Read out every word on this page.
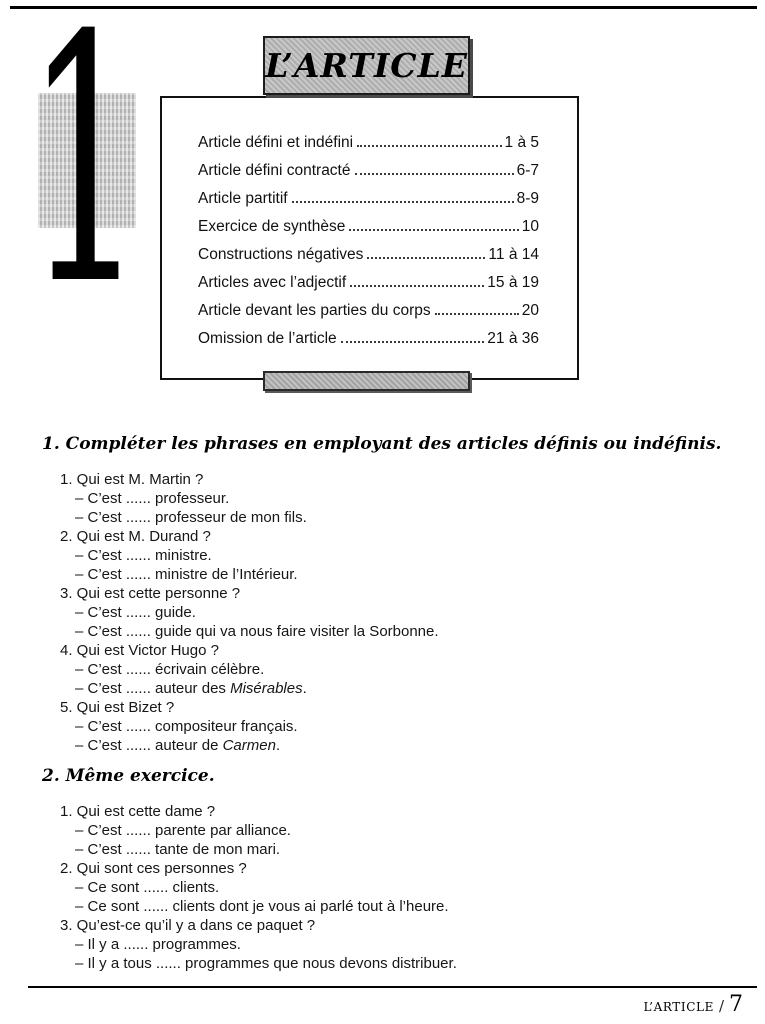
1	Article défini et indéfini	1 à 5
Article défini contracté	6-7
Article partitif	8-9
Exercice de synthèse	10
Constructions négatives	11 à 14
Articles avec l’adjectif	15 à 19
Article devant les parties du corps	20
Omission de l’article	21 à 36
L’ARTICLE
1. Compléter les phrases en employant des articles définis ou indéfinis.
1. Qui est M. Martin ?
– C’est ...... professeur.
– C’est ...... professeur de mon fils.
2. Qui est M. Durand ?
– C’est ...... ministre.
– C’est ...... ministre de l’Intérieur.
3. Qui est cette personne ?
– C’est ...... guide.
– C’est ...... guide qui va nous faire visiter la Sorbonne.
4. Qui est Victor Hugo ?
– C’est ...... écrivain célèbre.
– C’est ...... auteur des Misérables.
5. Qui est Bizet ?
– C’est ...... compositeur français.
– C’est ...... auteur de Carmen.
2. Même exercice.
1. Qui est cette dame ?
– C’est ...... parente par alliance.
– C’est ...... tante de mon mari.
2. Qui sont ces personnes ?
– Ce sont ...... clients.
– Ce sont ...... clients dont je vous ai parlé tout à l’heure.
3. Qu’est-ce qu’il y a dans ce paquet ?
– Il y a ...... programmes.
– Il y a tous ...... programmes que nous devons distribuer.
L’ARTICLE / 7
